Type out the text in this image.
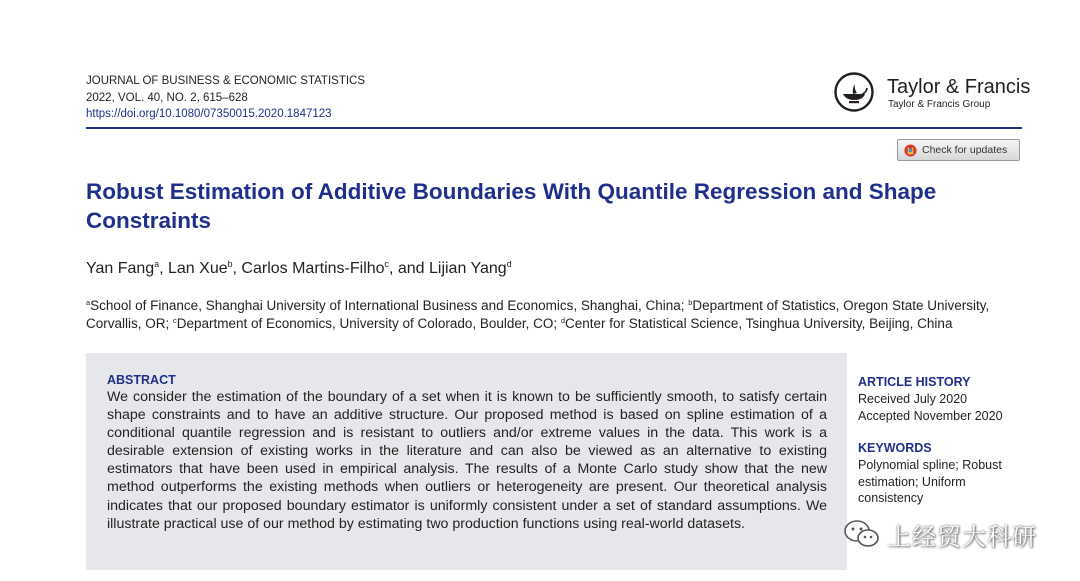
JOURNAL OF BUSINESS & ECONOMIC STATISTICS
2022, VOL. 40, NO. 2, 615–628
https://doi.org/10.1080/07350015.2020.1847123
Taylor & Francis
Taylor & Francis Group
Check for updates
Robust Estimation of Additive Boundaries With Quantile Regression and Shape Constraints
Yan Fang$^a$, Lan Xue$^b$, Carlos Martins-Filho$^c$, and Lijian Yang$^d$
$^a$School of Finance, Shanghai University of International Business and Economics, Shanghai, China; $^b$Department of Statistics, Oregon State University, Corvallis, OR; $^c$Department of Economics, University of Colorado, Boulder, CO; $^d$Center for Statistical Science, Tsinghua University, Beijing, China
ABSTRACT
We consider the estimation of the boundary of a set when it is known to be sufficiently smooth, to satisfy certain shape constraints and to have an additive structure. Our proposed method is based on spline estimation of a conditional quantile regression and is resistant to outliers and/or extreme values in the data. This work is a desirable extension of existing works in the literature and can also be viewed as an alternative to existing estimators that have been used in empirical analysis. The results of a Monte Carlo study show that the new method outperforms the existing methods when outliers or heterogeneity are present. Our theoretical analysis indicates that our proposed boundary estimator is uniformly consistent under a set of standard assumptions. We illustrate practical use of our method by estimating two production functions using real-world datasets.
ARTICLE HISTORY
Received July 2020
Accepted November 2020
KEYWORDS
Polynomial spline; Robust estimation; Uniform consistency
上经贸大科研
